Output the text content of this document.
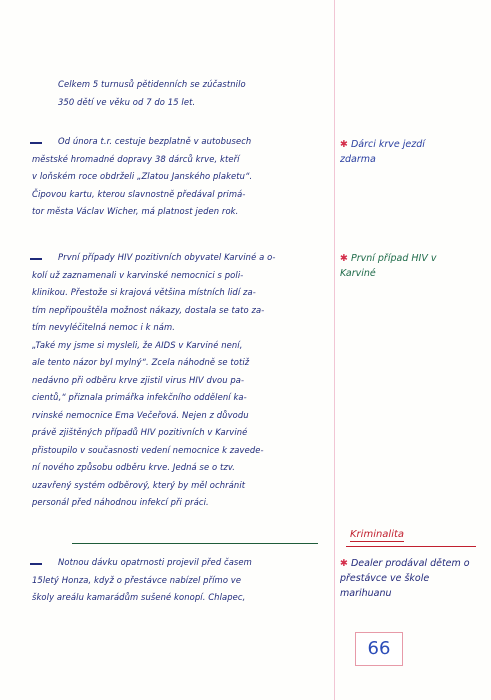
Celkem 5 turnusů pětidenních se zúčastnilo
350 dětí ve věku od 7 do 15 let.
Od února t.r. cestuje bezplatně v autobusech
městské hromadné dopravy 38 dárců krve, kteří
v loňském roce obdrželi „Zlatou Janského plaketu“.
Čipovou kartu, kterou slavnostně předával primá-
tor města Václav Wicher, má platnost jeden rok.
✱ Dárci krve jezdí zdarma
První případy HIV pozitivních obyvatel Karviné a o-
kolí už zaznamenali v karvinské nemocnici s poli-
klinikou. Přestože si krajová většina místních lidí za-
tím nepřipouštěla možnost nákazy, dostala se tato za-
tím nevyléčitelná nemoc i k nám.
„Také my jsme si mysleli, že AIDS v Karviné není,
ale tento názor byl mylný“. Zcela náhodně se totiž
nedávno při odběru krve zjistil virus HIV dvou pa-
cientů,“ přiznala primářka infekčního oddělení ka-
rvinské nemocnice Ema Večeřová. Nejen z důvodu
právě zjištěných případů HIV pozitivních v Karviné
přistoupilo v současnosti vedení nemocnice k zavede-
ní nového způsobu odběru krve. Jedná se o tzv.
uzavřený systém odběrový, který by měl ochránit
personál před náhodnou infekcí při práci.
✱ První případ HIV v Karviné
Kriminalita
Notnou dávku opatrnosti projevil před časem
15letý Honza, když o přestávce nabízel přímo ve
školy areálu kamarádům sušené konopí. Chlapec,
✱ Dealer prodával dětem o přestávce ve škole marihuanu
66
